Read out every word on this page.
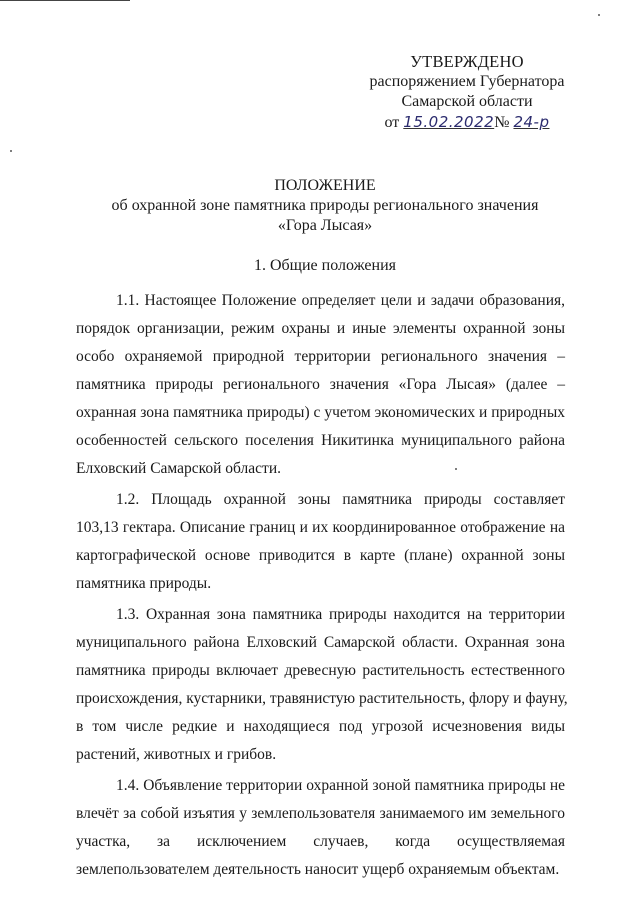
УТВЕРЖДЕНО
распоряжением Губернатора
Самарской области
от 15.02.2022№ 24-р
ПОЛОЖЕНИЕ
об охранной зоне памятника природы регионального значения
«Гора Лысая»
1. Общие положения

1.1. Настоящее Положение определяет цели и задачи образования,
порядок организации, режим охраны и иные элементы охранной зоны
особо охраняемой природной территории регионального значения –
памятника природы регионального значения «Гора Лысая» (далее –
охранная зона памятника природы) с учетом экономических и природных
особенностей сельского поселения Никитинка муниципального района
Елховский Самарской области.

1.2. Площадь охранной зоны памятника природы составляет
103,13 гектара. Описание границ и их координированное отображение на
картографической основе приводится в карте (плане) охранной зоны
памятника природы.

1.3. Охранная зона памятника природы находится на территории
муниципального района Елховский Самарской области. Охранная зона
памятника природы включает древесную растительность естественного
происхождения, кустарники, травянистую растительность, флору и фауну,
в том числе редкие и находящиеся под угрозой исчезновения виды
растений, животных и грибов.

1.4. Объявление территории охранной зоной памятника природы не
влечёт за собой изъятия у землепользователя занимаемого им земельного
участка, за исключением случаев, когда осуществляемая
землепользователем деятельность наносит ущерб охраняемым объектам.
